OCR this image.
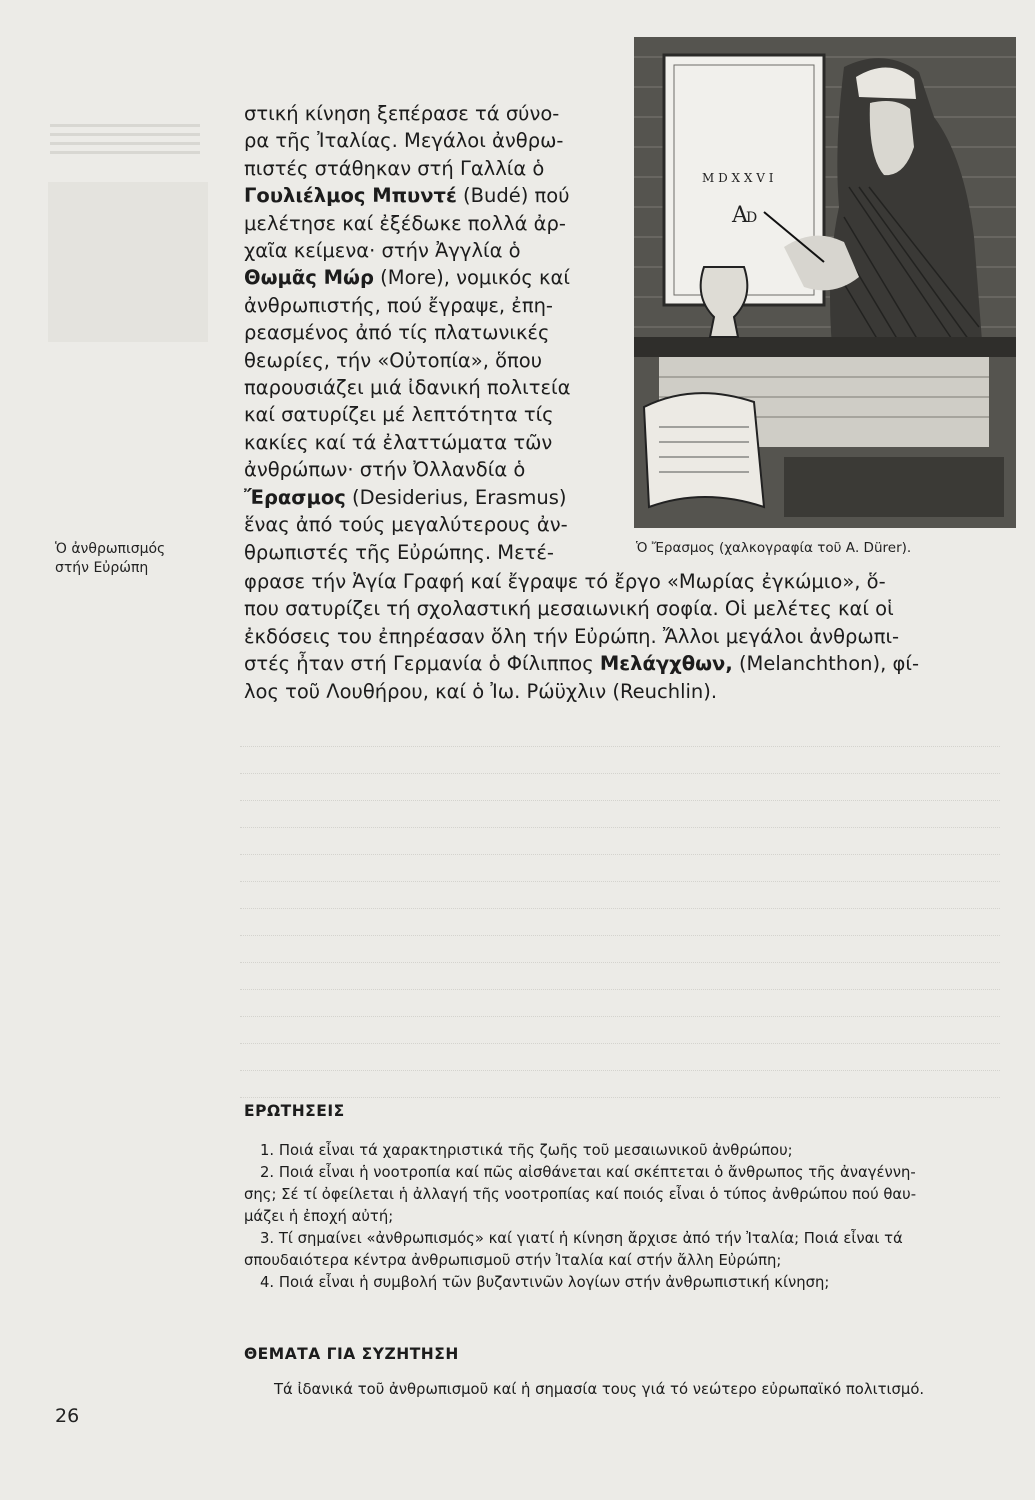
Ὁ ἀνθρωπισμός
στήν Εὐρώπη
στική κίνηση ξεπέρασε τά σύνο-
ρα τῆς Ἰταλίας. Μεγάλοι ἀνθρω-
πιστές στάθηκαν στή Γαλλία ὁ
Γουλιέλμος Μπυντέ (Budé) πού
μελέτησε καί ἐξέδωκε πολλά ἀρ-
χαῖα κείμενα· στήν Ἀγγλία ὁ
Θωμᾶς Μώρ (More), νομικός καί
ἀνθρωπιστής, πού ἔγραψε, ἐπη-
ρεασμένος ἀπό τίς πλατωνικές
θεωρίες, τήν «Οὐτοπία», ὅπου
παρουσιάζει μιά ἰδανική πολιτεία
καί σατυρίζει μέ λεπτότητα τίς
κακίες καί τά ἐλαττώματα τῶν
ἀνθρώπων· στήν Ὀλλανδία ὁ
Ἔρασμος (Desiderius, Erasmus)
ἕνας ἀπό τούς μεγαλύτερους ἀν-
θρωπιστές τῆς Εὐρώπης. Μετέ-
φρασε τήν Ἁγία Γραφή καί ἔγραψε τό ἔργο «Μωρίας ἐγκώμιο», ὅ-
που σατυρίζει τή σχολαστική μεσαιωνική σοφία. Οἱ μελέτες καί οἱ
ἐκδόσεις του ἐπηρέασαν ὅλη τήν Εὐρώπη. Ἄλλοι μεγάλοι ἀνθρωπι-
στές ἦταν στή Γερμανία ὁ Φίλιππος Μελάγχθων, (Melanchthon), φί-
λος τοῦ Λουθήρου, καί ὁ Ἰω. Ρώϋχλιν (Reuchlin).
M D X X V I
A
D
Ὁ Ἔρασμος (χαλκογραφία τοῦ Α. Dürer).
ΕΡΩΤΗΣΕΙΣ
1. Ποιά εἶναι τά χαρακτηριστικά τῆς ζωῆς τοῦ μεσαιωνικοῦ ἀνθρώπου;
2. Ποιά εἶναι ἡ νοοτροπία καί πῶς αἰσθάνεται καί σκέπτεται ὁ ἄνθρωπος τῆς ἀναγέννη-
σης; Σέ τί ὀφείλεται ἡ ἀλλαγή τῆς νοοτροπίας καί ποιός εἶναι ὁ τύπος ἀνθρώπου πού θαυ-
μάζει ἡ ἐποχή αὐτή;
3. Τί σημαίνει «ἀνθρωπισμός» καί γιατί ἡ κίνηση ἄρχισε ἀπό τήν Ἰταλία; Ποιά εἶναι τά
σπουδαιότερα κέντρα ἀνθρωπισμοῦ στήν Ἰταλία καί στήν ἄλλη Εὐρώπη;
4. Ποιά εἶναι ἡ συμβολή τῶν βυζαντινῶν λογίων στήν ἀνθρωπιστική κίνηση;
ΘΕΜΑΤΑ ΓΙΑ ΣΥΖΗΤΗΣΗ
Τά ἰδανικά τοῦ ἀνθρωπισμοῦ καί ἡ σημασία τους γιά τό νεώτερο εὐρωπαϊκό πολιτισμό.
26
